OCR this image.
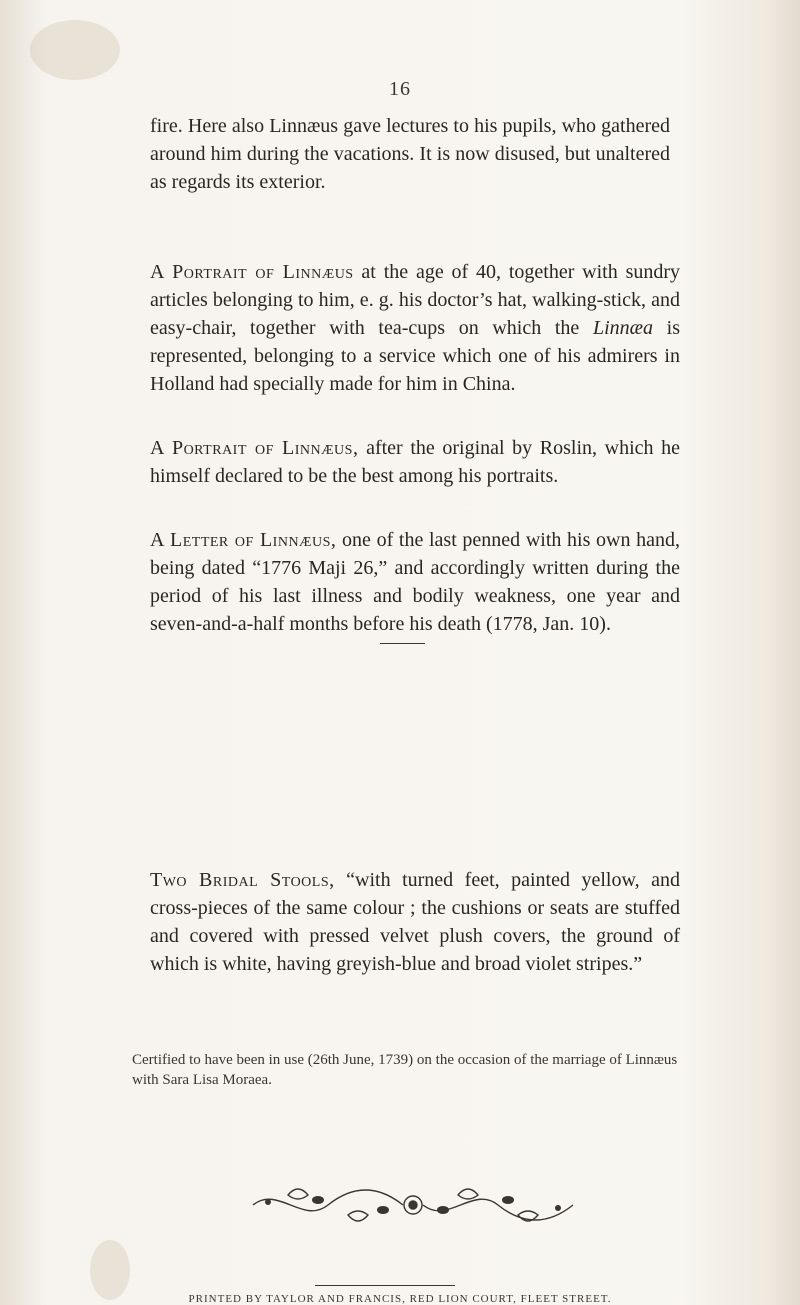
16

fire. Here also Linnæus gave lectures to his pupils, who gathered around him during the vacations. It is now disused, but unaltered as regards its exterior.

A Portrait of Linnæus at the age of 40, together with sundry articles belonging to him, e. g. his doctor’s hat, walking-stick, and easy-chair, together with tea-cups on which the Linnæa is represented, belonging to a service which one of his admirers in Holland had specially made for him in China.

A Portrait of Linnæus, after the original by Roslin, which he himself declared to be the best among his portraits.

A Letter of Linnæus, one of the last penned with his own hand, being dated “1776 Maji 26,” and accordingly written during the period of his last illness and bodily weakness, one year and seven-and-a-half months before his death (1778, Jan. 10).

Two Bridal Stools, “with turned feet, painted yellow, and cross-pieces of the same colour ; the cushions or seats are stuffed and covered with pressed velvet plush covers, the ground of which is white, having greyish-blue and broad violet stripes.”

Certified to have been in use (26th June, 1739) on the occasion of the marriage of Linnæus with Sara Lisa Moraea.

PRINTED BY TAYLOR AND FRANCIS, RED LION COURT, FLEET STREET.
